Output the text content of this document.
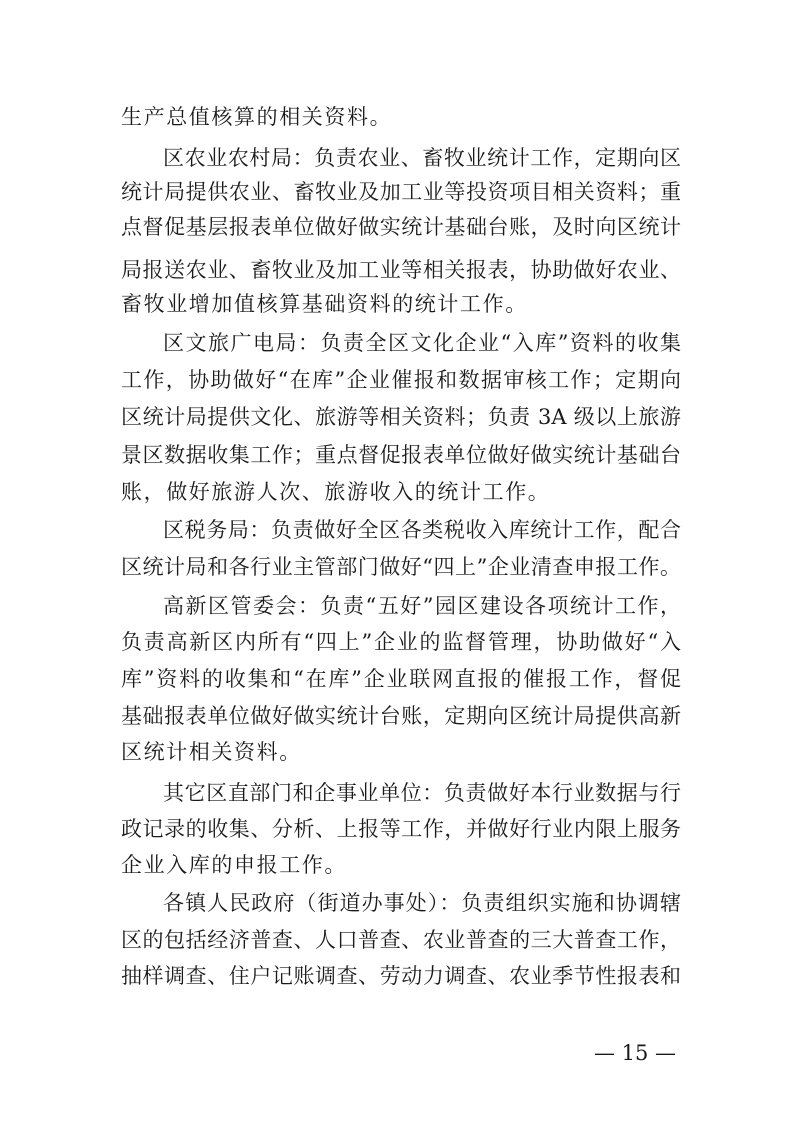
生产总值核算的相关资料。
区农业农村局：负责农业、畜牧业统计工作，定期向区
统计局提供农业、畜牧业及加工业等投资项目相关资料；重
点督促基层报表单位做好做实统计基础台账，及时向区统计
局报送农业、畜牧业及加工业等相关报表，协助做好农业、
畜牧业增加值核算基础资料的统计工作。
区文旅广电局：负责全区文化企业“入库”资料的收集
工作，协助做好“在库”企业催报和数据审核工作；定期向
区统计局提供文化、旅游等相关资料；负责 3A 级以上旅游
景区数据收集工作；重点督促报表单位做好做实统计基础台
账，做好旅游人次、旅游收入的统计工作。
区税务局：负责做好全区各类税收入库统计工作，配合
区统计局和各行业主管部门做好“四上”企业清查申报工作。
高新区管委会：负责“五好”园区建设各项统计工作，
负责高新区内所有“四上”企业的监督管理，协助做好“入
库”资料的收集和“在库”企业联网直报的催报工作，督促
基础报表单位做好做实统计台账，定期向区统计局提供高新
区统计相关资料。
其它区直部门和企事业单位：负责做好本行业数据与行
政记录的收集、分析、上报等工作，并做好行业内限上服务
企业入库的申报工作。
各镇人民政府（街道办事处）：负责组织实施和协调辖
区的包括经济普查、人口普查、农业普查的三大普查工作，
抽样调查、住户记账调查、劳动力调查、农业季节性报表和
— 15 —
